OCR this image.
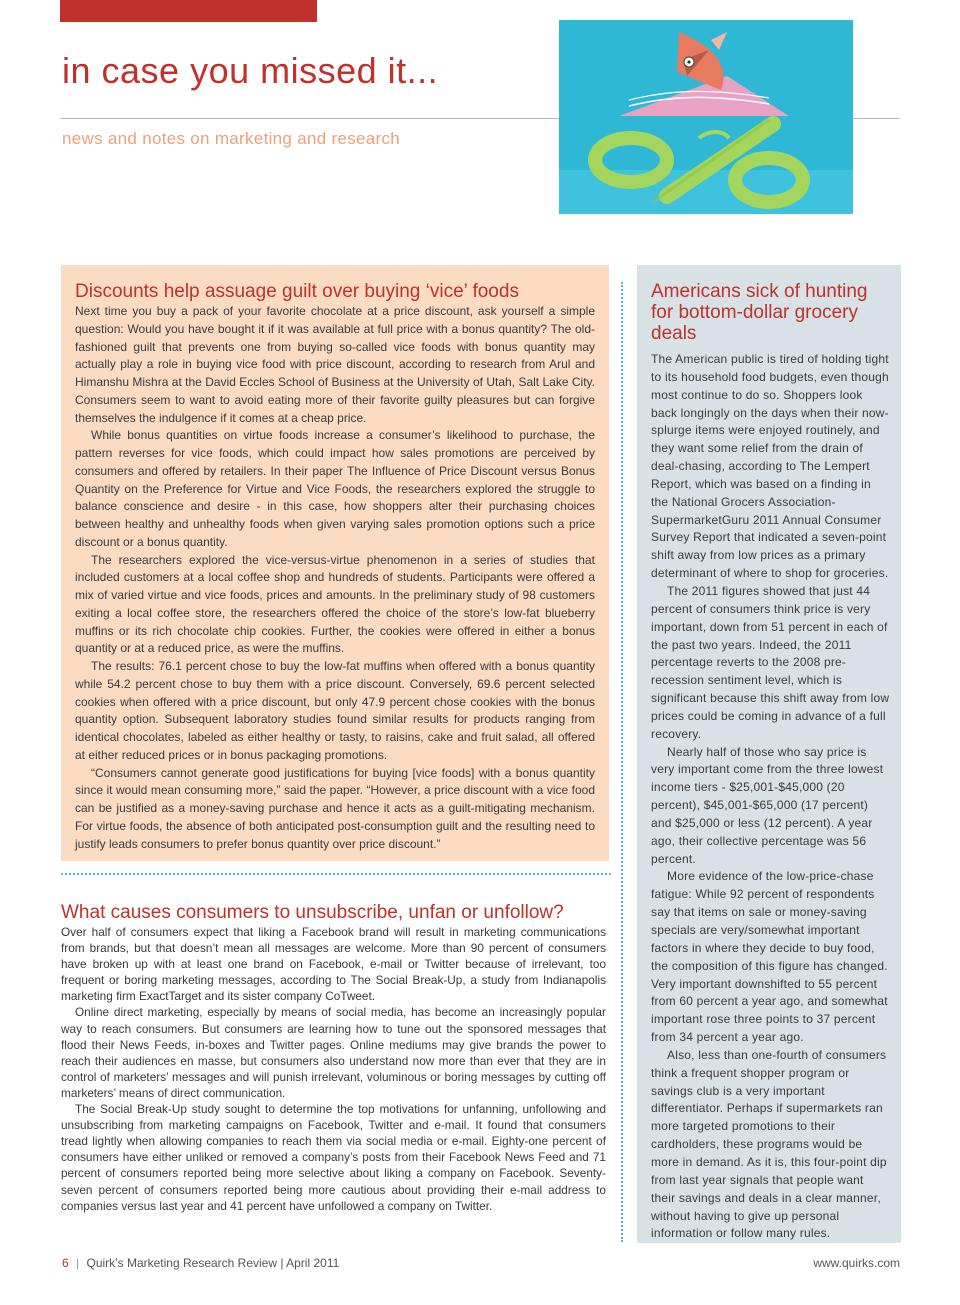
in case you missed it...

news and notes on marketing and research

Discounts help assuage guilt over buying ‘vice’ foods

Next time you buy a pack of your favorite chocolate at a price discount, ask yourself a simple question: Would you have bought it if it was available at full price with a bonus quantity? The old-fashioned guilt that prevents one from buying so-called vice foods with bonus quantity may actually play a role in buying vice food with price discount, according to research from Arul and Himanshu Mishra at the David Eccles School of Business at the University of Utah, Salt Lake City. Consumers seem to want to avoid eating more of their favorite guilty pleasures but can forgive themselves the indulgence if it comes at a cheap price.

While bonus quantities on virtue foods increase a consumer’s likelihood to purchase, the pattern reverses for vice foods, which could impact how sales promotions are perceived by consumers and offered by retailers. In their paper The Influence of Price Discount versus Bonus Quantity on the Preference for Virtue and Vice Foods, the researchers explored the struggle to balance conscience and desire - in this case, how shoppers alter their purchasing choices between healthy and unhealthy foods when given varying sales promotion options such a price discount or a bonus quantity.

The researchers explored the vice-versus-virtue phenomenon in a series of studies that included customers at a local coffee shop and hundreds of students. Participants were offered a mix of varied virtue and vice foods, prices and amounts. In the preliminary study of 98 customers exiting a local coffee store, the researchers offered the choice of the store’s low-fat blueberry muffins or its rich chocolate chip cookies. Further, the cookies were offered in either a bonus quantity or at a reduced price, as were the muffins.

The results: 76.1 percent chose to buy the low-fat muffins when offered with a bonus quantity while 54.2 percent chose to buy them with a price discount. Conversely, 69.6 percent selected cookies when offered with a price discount, but only 47.9 percent chose cookies with the bonus quantity option. Subsequent laboratory studies found similar results for products ranging from identical chocolates, labeled as either healthy or tasty, to raisins, cake and fruit salad, all offered at either reduced prices or in bonus packaging promotions.

“Consumers cannot generate good justifications for buying [vice foods] with a bonus quantity since it would mean consuming more,” said the paper. “However, a price discount with a vice food can be justified as a money-saving purchase and hence it acts as a guilt-mitigating mechanism. For virtue foods, the absence of both anticipated post-consumption guilt and the resulting need to justify leads consumers to prefer bonus quantity over price discount.”

What causes consumers to unsubscribe, unfan or unfollow?

Over half of consumers expect that liking a Facebook brand will result in marketing communications from brands, but that doesn’t mean all messages are welcome. More than 90 percent of consumers have broken up with at least one brand on Facebook, e-mail or Twitter because of irrelevant, too frequent or boring marketing messages, according to The Social Break-Up, a study from Indianapolis marketing firm ExactTarget and its sister company CoTweet.

Online direct marketing, especially by means of social media, has become an increasingly popular way to reach consumers. But consumers are learning how to tune out the sponsored messages that flood their News Feeds, in-boxes and Twitter pages. Online mediums may give brands the power to reach their audiences en masse, but consumers also understand now more than ever that they are in control of marketers’ messages and will punish irrelevant, voluminous or boring messages by cutting off marketers’ means of direct communication.

The Social Break-Up study sought to determine the top motivations for unfanning, unfollowing and unsubscribing from marketing campaigns on Facebook, Twitter and e-mail. It found that consumers tread lightly when allowing companies to reach them via social media or e-mail. Eighty-one percent of consumers have either unliked or removed a company’s posts from their Facebook News Feed and 71 percent of consumers reported being more selective about liking a company on Facebook. Seventy-seven percent of consumers reported being more cautious about providing their e-mail address to companies versus last year and 41 percent have unfollowed a company on Twitter.

Americans sick of hunting for bottom-dollar grocery deals

The American public is tired of holding tight to its household food budgets, even though most continue to do so. Shoppers look back longingly on the days when their now-splurge items were enjoyed routinely, and they want some relief from the drain of deal-chasing, according to The Lempert Report, which was based on a finding in the National Grocers Association-SupermarketGuru 2011 Annual Consumer Survey Report that indicated a seven-point shift away from low prices as a primary determinant of where to shop for groceries.

The 2011 figures showed that just 44 percent of consumers think price is very important, down from 51 percent in each of the past two years. Indeed, the 2011 percentage reverts to the 2008 pre-recession sentiment level, which is significant because this shift away from low prices could be coming in advance of a full recovery.

Nearly half of those who say price is very important come from the three lowest income tiers - $25,001-$45,000 (20 percent), $45,001-$65,000 (17 percent) and $25,000 or less (12 percent). A year ago, their collective percentage was 56 percent.

More evidence of the low-price-chase fatigue: While 92 percent of respondents say that items on sale or money-saving specials are very/somewhat important factors in where they decide to buy food, the composition of this figure has changed. Very important downshifted to 55 percent from 60 percent a year ago, and somewhat important rose three points to 37 percent from 34 percent a year ago.

Also, less than one-fourth of consumers think a frequent shopper program or savings club is a very important differentiator. Perhaps if supermarkets ran more targeted promotions to their cardholders, these programs would be more in demand. As it is, this four-point dip from last year signals that people want their savings and deals in a clear manner, without having to give up personal information or follow many rules.

6 | Quirk’s Marketing Research Review | April 2011	www.quirks.com
